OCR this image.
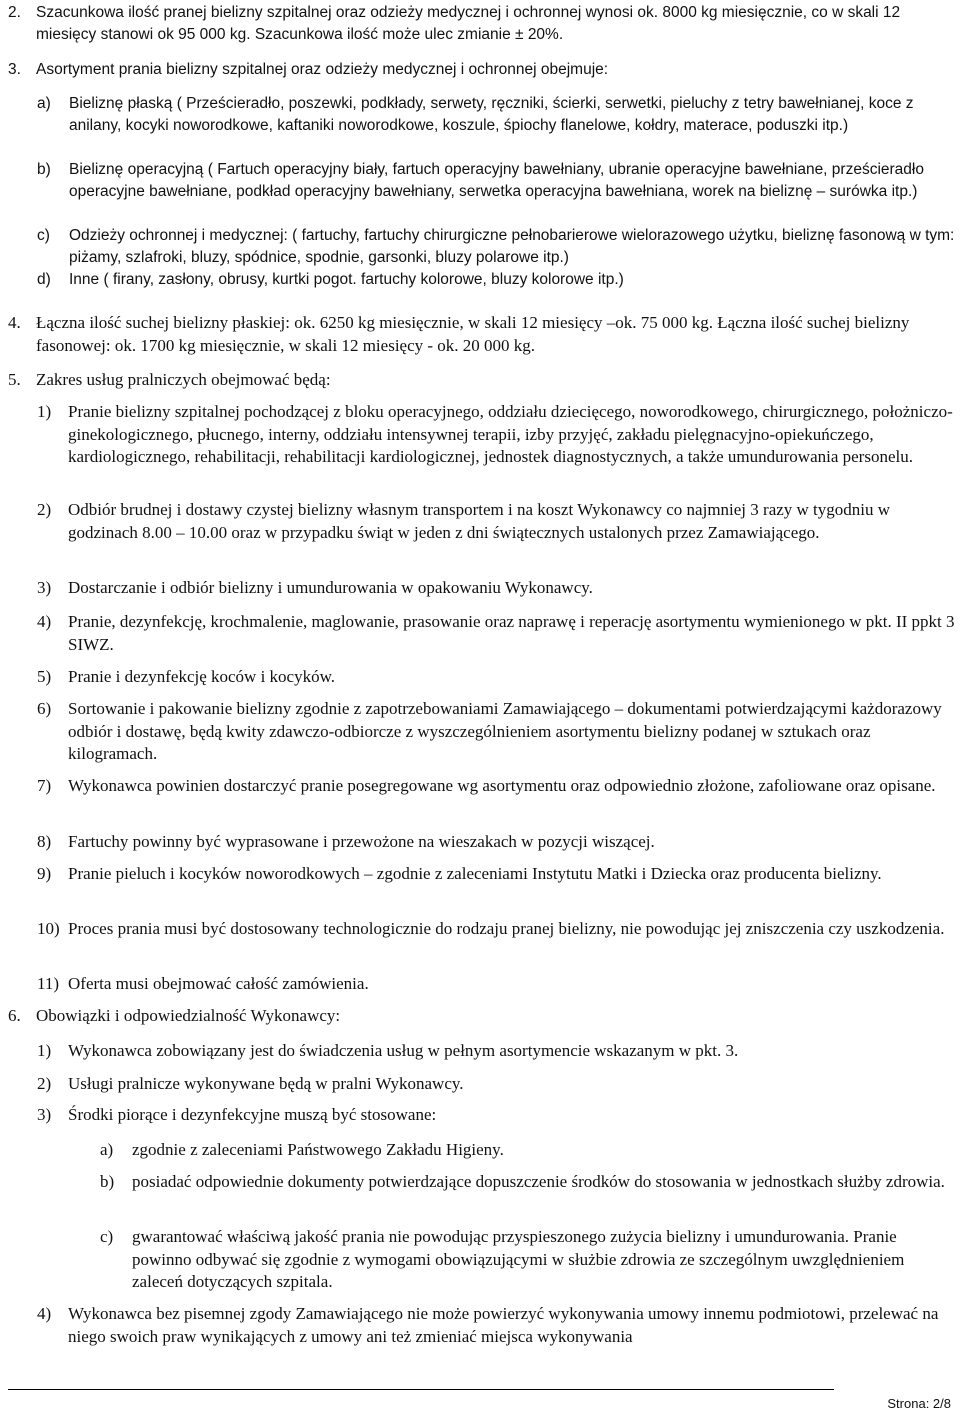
2. Szacunkowa ilość pranej bielizny szpitalnej oraz odzieży medycznej i ochronnej wynosi ok. 8000 kg miesięcznie, co w skali 12 miesięcy stanowi ok 95 000 kg. Szacunkowa ilość może ulec zmianie ± 20%.
3. Asortyment prania bielizny szpitalnej oraz odzieży medycznej i ochronnej obejmuje:
a) Bieliznę płaską ( Prześcieradło, poszewki, podkłady, serwety, ręczniki, ścierki, serwetki, pieluchy z tetry bawełnianej, koce z anilany, kocyki noworodkowe, kaftaniki noworodkowe, koszule, śpiochy flanelowe, kołdry, materace, poduszki itp.)
b) Bieliznę operacyjną ( Fartuch operacyjny biały, fartuch operacyjny bawełniany, ubranie operacyjne bawełniane, prześcieradło operacyjne bawełniane, podkład operacyjny bawełniany, serwetka operacyjna bawełniana, worek na bieliznę – surówka itp.)
c) Odzieży ochronnej i medycznej: ( fartuchy, fartuchy chirurgiczne pełnobarierowe wielorazowego użytku, bieliznę fasonową w tym: piżamy, szlafroki, bluzy, spódnice, spodnie, garsonki, bluzy polarowe itp.)
d) Inne ( firany, zasłony, obrusy, kurtki pogot. fartuchy kolorowe, bluzy kolorowe itp.)
4. Łączna ilość suchej bielizny płaskiej: ok. 6250 kg miesięcznie, w skali 12 miesięcy –ok. 75 000 kg. Łączna ilość suchej bielizny fasonowej: ok. 1700 kg miesięcznie, w skali 12 miesięcy - ok. 20 000 kg.
5. Zakres usług pralniczych obejmować będą:
1) Pranie bielizny szpitalnej pochodzącej z bloku operacyjnego, oddziału dziecięcego, noworodkowego, chirurgicznego, położniczo-ginekologicznego, płucnego, interny, oddziału intensywnej terapii, izby przyjęć, zakładu pielęgnacyjno-opiekuńczego, kardiologicznego, rehabilitacji, rehabilitacji kardiologicznej, jednostek diagnostycznych, a także umundurowania personelu.
2) Odbiór brudnej i dostawy czystej bielizny własnym transportem i na koszt Wykonawcy co najmniej 3 razy w tygodniu w godzinach 8.00 – 10.00 oraz w przypadku świąt w jeden z dni świątecznych ustalonych przez Zamawiającego.
3) Dostarczanie i odbiór bielizny i umundurowania w opakowaniu Wykonawcy.
4) Pranie, dezynfekcję, krochmalenie, maglowanie, prasowanie oraz naprawę i reperację asortymentu wymienionego w pkt. II ppkt 3 SIWZ.
5) Pranie i dezynfekcję koców i kocyków.
6) Sortowanie i pakowanie bielizny zgodnie z zapotrzebowaniami Zamawiającego – dokumentami potwierdzającymi każdorazowy odbiór i dostawę, będą kwity zdawczo-odbiorcze z wyszczególnieniem asortymentu bielizny podanej w sztukach oraz kilogramach.
7) Wykonawca powinien dostarczyć pranie posegregowane wg asortymentu oraz odpowiednio złożone, zafoliowane oraz opisane.
8) Fartuchy powinny być wyprasowane i przewożone na wieszakach w pozycji wiszącej.
9) Pranie pieluch i kocyków noworodkowych – zgodnie z zaleceniami Instytutu Matki i Dziecka oraz producenta bielizny.
10) Proces prania musi być dostosowany technologicznie do rodzaju pranej bielizny, nie powodując jej zniszczenia czy uszkodzenia.
11) Oferta musi obejmować całość zamówienia.
6. Obowiązki i odpowiedzialność Wykonawcy:
1) Wykonawca zobowiązany jest do świadczenia usług w pełnym asortymencie wskazanym w pkt. 3.
2) Usługi pralnicze wykonywane będą w pralni Wykonawcy.
3) Środki piorące i dezynfekcyjne muszą być stosowane:
a) zgodnie z zaleceniami Państwowego Zakładu Higieny.
b) posiadać odpowiednie dokumenty potwierdzające dopuszczenie środków do stosowania w jednostkach służby zdrowia.
c) gwarantować właściwą jakość prania nie powodując przyspieszonego zużycia bielizny i umundurowania. Pranie powinno odbywać się zgodnie z wymogami obowiązującymi w służbie zdrowia ze szczególnym uwzględnieniem zaleceń dotyczących szpitala.
4) Wykonawca bez pisemnej zgody Zamawiającego nie może powierzyć wykonywania umowy innemu podmiotowi, przelewać na niego swoich praw wynikających z umowy ani też zmieniać miejsca wykonywania
Strona: 2/8
